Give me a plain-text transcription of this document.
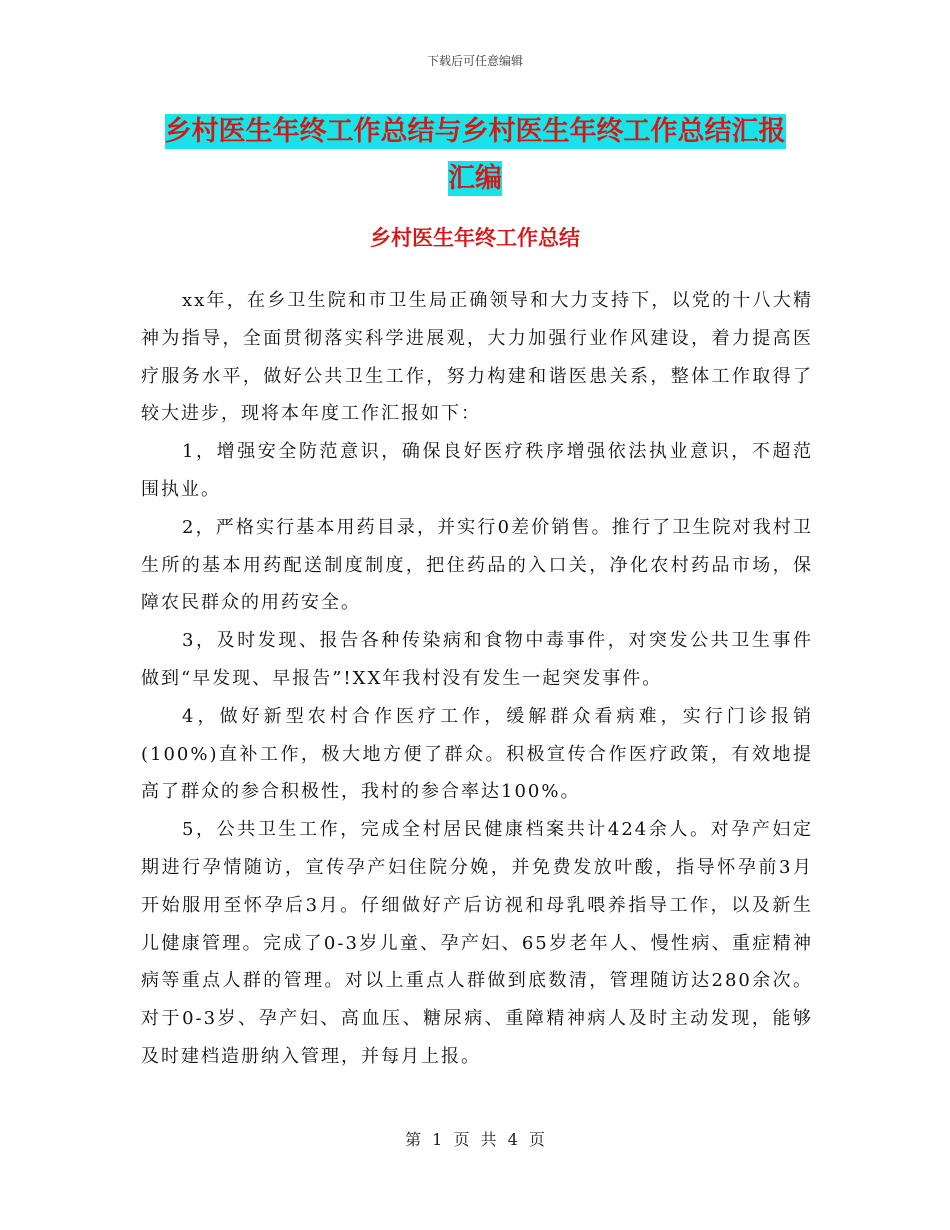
下载后可任意编辑
乡村医生年终工作总结与乡村医生年终工作总结汇报
汇编
乡村医生年终工作总结

xx年，在乡卫生院和市卫生局正确领导和大力支持下，以党的十八大精神为指导，全面贯彻落实科学进展观，大力加强行业作风建设，着力提高医疗服务水平，做好公共卫生工作，努力构建和谐医患关系，整体工作取得了较大进步，现将本年度工作汇报如下：

1，增强安全防范意识，确保良好医疗秩序增强依法执业意识，不超范围执业。

2，严格实行基本用药目录，并实行0差价销售。推行了卫生院对我村卫生所的基本用药配送制度制度，把住药品的入口关，净化农村药品市场，保障农民群众的用药安全。

3，及时发现、报告各种传染病和食物中毒事件，对突发公共卫生事件做到“早发现、早报告”!XX年我村没有发生一起突发事件。

4，做好新型农村合作医疗工作，缓解群众看病难，实行门诊报销(100%)直补工作，极大地方便了群众。积极宣传合作医疗政策，有效地提高了群众的参合积极性，我村的参合率达100%。

5，公共卫生工作，完成全村居民健康档案共计424余人。对孕产妇定期进行孕情随访，宣传孕产妇住院分娩，并免费发放叶酸，指导怀孕前3月开始服用至怀孕后3月。仔细做好产后访视和母乳喂养指导工作，以及新生儿健康管理。完成了0-3岁儿童、孕产妇、65岁老年人、慢性病、重症精神病等重点人群的管理。对以上重点人群做到底数清，管理随访达280余次。对于0-3岁、孕产妇、高血压、糖尿病、重障精神病人及时主动发现，能够及时建档造册纳入管理，并每月上报。

第 1 页 共 4 页
